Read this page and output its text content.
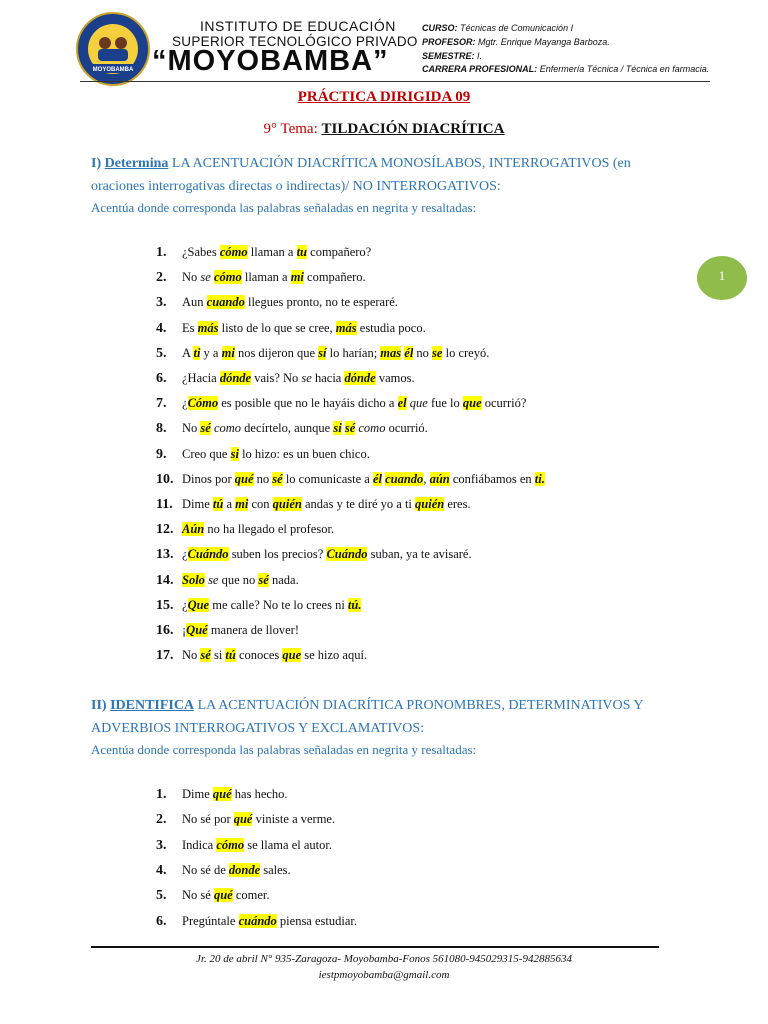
MOYOBAMBA
INSTITUTO DE EDUCACIÓN
SUPERIOR TECNOLÓGICO PRIVADO
“MOYOBAMBA”
CURSO: Técnicas de Comunicación I
PROFESOR: Mgtr. Enrique Mayanga Barboza.
SEMESTRE: I.
CARRERA PROFESIONAL: Enfermería Técnica / Técnica en farmacia.
PRÁCTICA DIRIGIDA 09
9° Tema: TILDACIÓN DIACRÍTICA
1
I) Determina LA ACENTUACIÓN DIACRÍTICA MONOSÍLABOS, INTERROGATIVOS (en oraciones interrogativas directas o indirectas)/ NO INTERROGATIVOS:
Acentúa donde corresponda las palabras señaladas en negrita y resaltadas:
1. ¿Sabes cómo llaman a tu compañero?
2. No se cómo llaman a mi compañero.
3. Aun cuando llegues pronto, no te esperaré.
4. Es más listo de lo que se cree, más estudia poco.
5. A ti y a mi nos dijeron que sí lo harían; mas él no se lo creyó.
6. ¿Hacia dónde vais? No se hacia dónde vamos.
7. ¿Cómo es posible que no le hayáis dicho a el que fue lo que ocurrió?
8. No sé como decírtelo, aunque si sé como ocurrió.
9. Creo que si lo hizo: es un buen chico.
10. Dinos por qué no sé lo comunicaste a él cuando, aún confiábamos en ti.
11. Dime tú a mi con quién andas y te diré yo a ti quién eres.
12. Aún no ha llegado el profesor.
13. ¿Cuándo suben los precios? Cuándo suban, ya te avisaré.
14. Solo se que no sé nada.
15. ¿Que me calle? No te lo crees ni tú.
16. ¡Qué manera de llover!
17. No sé si tú conoces que se hizo aquí.
II) IDENTIFICA LA ACENTUACIÓN DIACRÍTICA PRONOMBRES, DETERMINATIVOS Y ADVERBIOS INTERROGATIVOS Y EXCLAMATIVOS:
Acentúa donde corresponda las palabras señaladas en negrita y resaltadas:
1. Dime qué has hecho.
2. No sé por qué viniste a verme.
3. Indica cómo se llama el autor.
4. No sé de donde sales.
5. No sé qué comer.
6. Pregúntale cuándo piensa estudiar.
Jr. 20 de abril N° 935-Zaragoza- Moyobamba-Fonos 561080-945029315-942885634
iestpmoyobamba@gmail.com
